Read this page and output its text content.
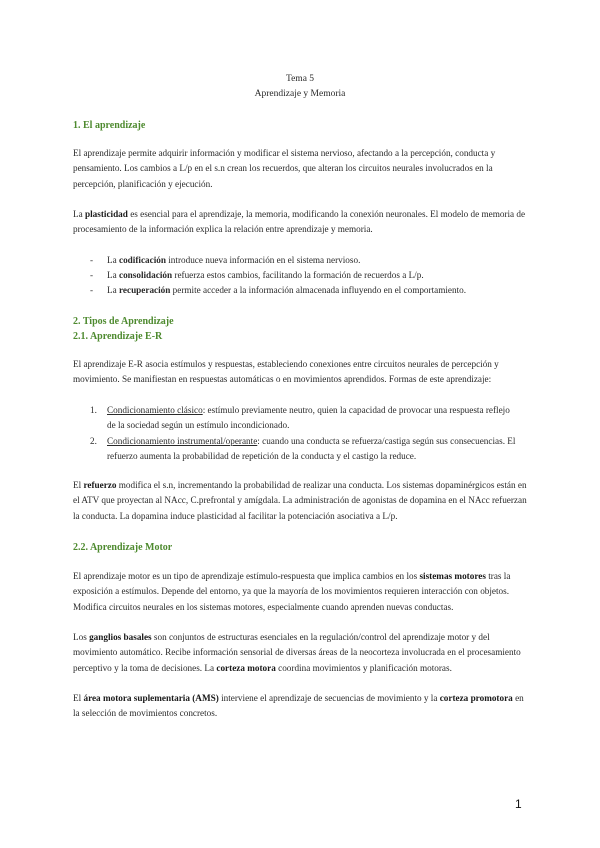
Tema 5
Aprendizaje y Memoria
1. El aprendizaje

El aprendizaje permite adquirir información y modificar el sistema nervioso, afectando a la percepción, conducta y pensamiento. Los cambios a L/p en el s.n crean los recuerdos, que alteran los circuitos neurales involucrados en la percepción, planificación y ejecución.

La plasticidad es esencial para el aprendizaje, la memoria, modificando la conexión neuronales. El modelo de memoria de procesamiento de la información explica la relación entre aprendizaje y memoria.

- La codificación introduce nueva información en el sistema nervioso.

- La consolidación refuerza estos cambios, facilitando la formación de recuerdos a L/p.

- La recuperación permite acceder a la información almacenada influyendo en el comportamiento.

2. Tipos de Aprendizaje
2.1. Aprendizaje E-R

El aprendizaje E-R asocia estímulos y respuestas, estableciendo conexiones entre circuitos neurales de percepción y movimiento. Se manifiestan en respuestas automáticas o en movimientos aprendidos. Formas de este aprendizaje:

1. Condicionamiento clásico: estímulo previamente neutro, quien la capacidad de provocar una respuesta reflejo de la sociedad según un estímulo incondicionado.

2. Condicionamiento instrumental/operante: cuando una conducta se refuerza/castiga según sus consecuencias. El refuerzo aumenta la probabilidad de repetición de la conducta y el castigo la reduce.

El refuerzo modifica el s.n, incrementando la probabilidad de realizar una conducta. Los sistemas dopaminérgicos están en el ATV que proyectan al NAcc, C.prefrontal y amígdala. La administración de agonistas de dopamina en el NAcc refuerzan la conducta. La dopamina induce plasticidad al facilitar la potenciación asociativa a L/p.

2.2. Aprendizaje Motor

El aprendizaje motor es un tipo de aprendizaje estímulo-respuesta que implica cambios en los sistemas motores tras la exposición a estímulos. Depende del entorno, ya que la mayoría de los movimientos requieren interacción con objetos. Modifica circuitos neurales en los sistemas motores, especialmente cuando aprenden nuevas conductas.

Los ganglios basales son conjuntos de estructuras esenciales en la regulación/control del aprendizaje motor y del movimiento automático. Recibe información sensorial de diversas áreas de la neocorteza involucrada en el procesamiento perceptivo y la toma de decisiones. La corteza motora coordina movimientos y planificación motoras.

El área motora suplementaria (AMS) interviene el aprendizaje de secuencias de movimiento y la corteza promotora en la selección de movimientos concretos.

1
